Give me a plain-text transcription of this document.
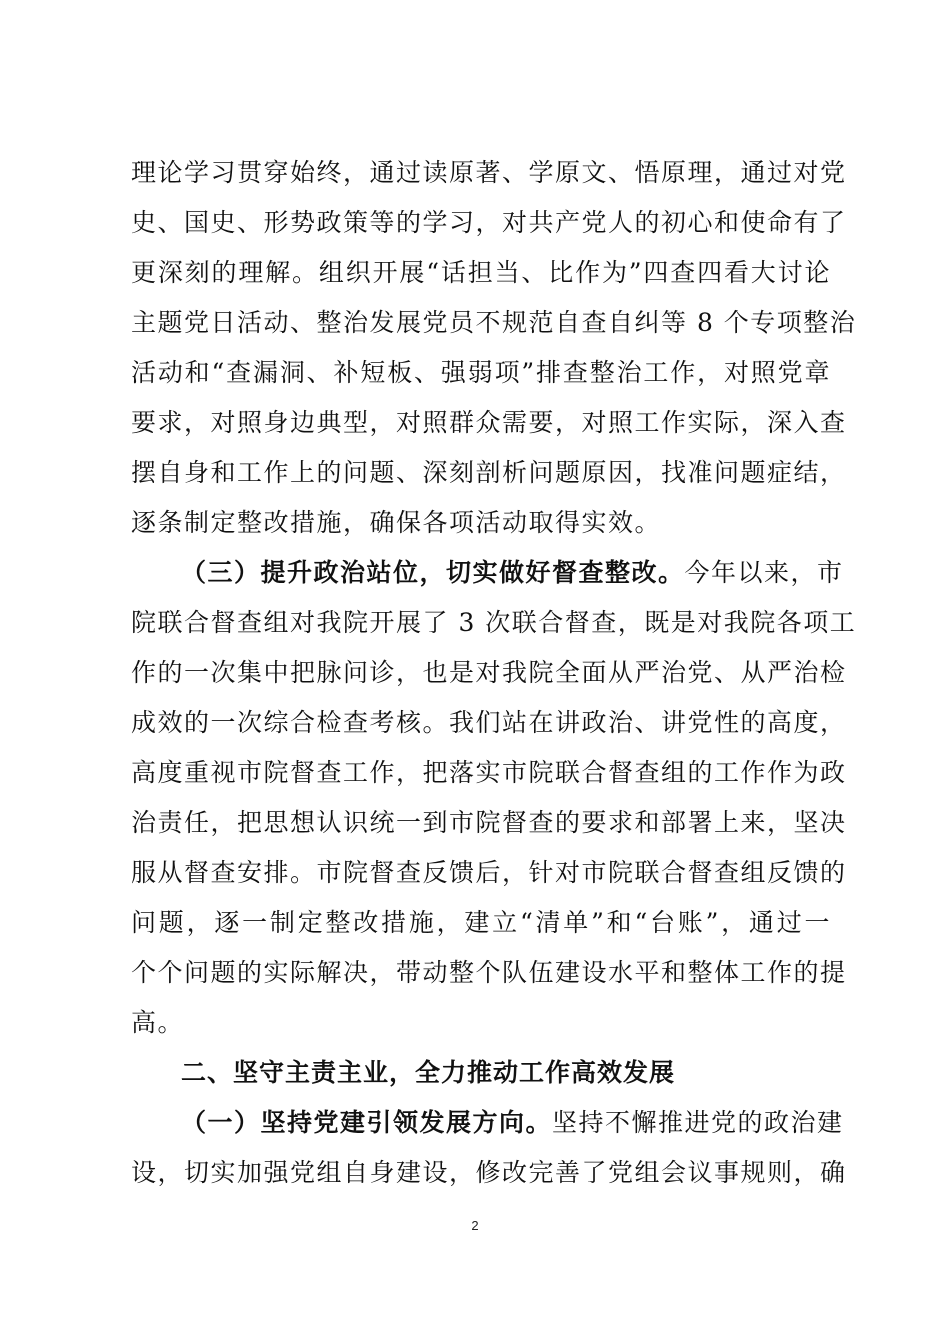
理论学习贯穿始终，通过读原著、学原文、悟原理，通过对党
史、国史、形势政策等的学习，对共产党人的初心和使命有了
更深刻的理解。组织开展“话担当、比作为”四查四看大讨论
主题党日活动、整治发展党员不规范自查自纠等 8 个专项整治
活动和“查漏洞、补短板、强弱项”排查整治工作，对照党章
要求，对照身边典型，对照群众需要，对照工作实际，深入查
摆自身和工作上的问题、深刻剖析问题原因，找准问题症结，
逐条制定整改措施，确保各项活动取得实效。
（三）提升政治站位，切实做好督查整改。 今年以来，市
院联合督查组对我院开展了 3 次联合督查，既是对我院各项工
作的一次集中把脉问诊，也是对我院全面从严治党、从严治检
成效的一次综合检查考核。我们站在讲政治、讲党性的高度，
高度重视市院督查工作，把落实市院联合督查组的工作作为政
治责任，把思想认识统一到市院督查的要求和部署上来，坚决
服从督查安排。市院督查反馈后，针对市院联合督查组反馈的
问题，逐一制定整改措施，建立“清单”和“台账”，通过一
个个问题的实际解决，带动整个队伍建设水平和整体工作的提
高。
二、坚守主责主业，全力推动工作高效发展
（一）坚持党建引领发展方向。 坚持不懈推进党的政治建
设，切实加强党组自身建设，修改完善了党组会议事规则，确
2
